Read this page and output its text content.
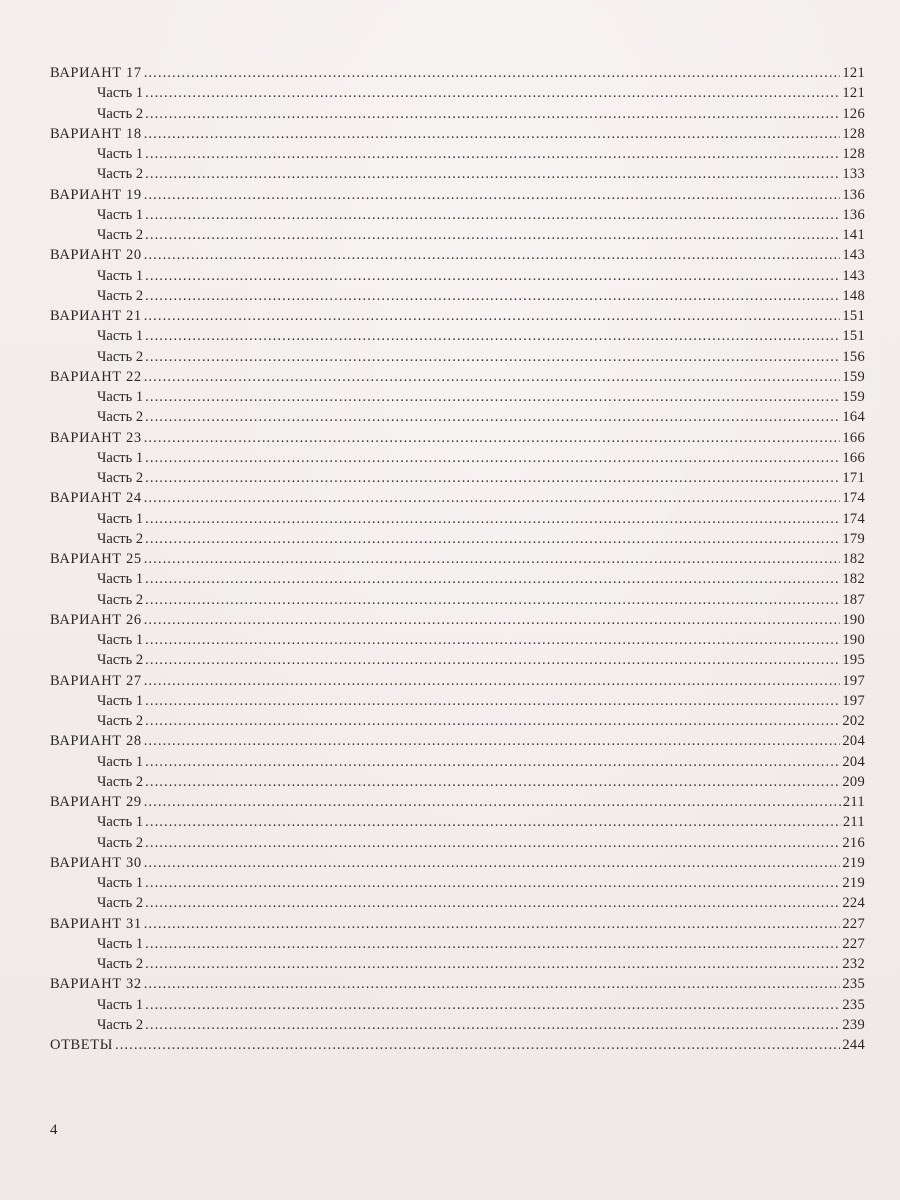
ВАРИАНТ 17 .....	121
Часть 1 .....	121
Часть 2 .....	126
ВАРИАНТ 18 .....	128
Часть 1 .....	128
Часть 2 .....	133
ВАРИАНТ 19 .....	136
Часть 1 .....	136
Часть 2 .....	141
ВАРИАНТ 20 .....	143
Часть 1 .....	143
Часть 2 .....	148
ВАРИАНТ 21 .....	151
Часть 1 .....	151
Часть 2 .....	156
ВАРИАНТ 22 .....	159
Часть 1 .....	159
Часть 2 .....	164
ВАРИАНТ 23 .....	166
Часть 1 .....	166
Часть 2 .....	171
ВАРИАНТ 24 .....	174
Часть 1 .....	174
Часть 2 .....	179
ВАРИАНТ 25 .....	182
Часть 1 .....	182
Часть 2 .....	187
ВАРИАНТ 26 .....	190
Часть 1 .....	190
Часть 2 .....	195
ВАРИАНТ 27 .....	197
Часть 1 .....	197
Часть 2 .....	202
ВАРИАНТ 28 .....	204
Часть 1 .....	204
Часть 2 .....	209
ВАРИАНТ 29 .....	211
Часть 1 .....	211
Часть 2 .....	216
ВАРИАНТ 30 .....	219
Часть 1 .....	219
Часть 2 .....	224
ВАРИАНТ 31 .....	227
Часть 1 .....	227
Часть 2 .....	232
ВАРИАНТ 32 .....	235
Часть 1 .....	235
Часть 2 .....	239
ОТВЕТЫ .....	244
4
